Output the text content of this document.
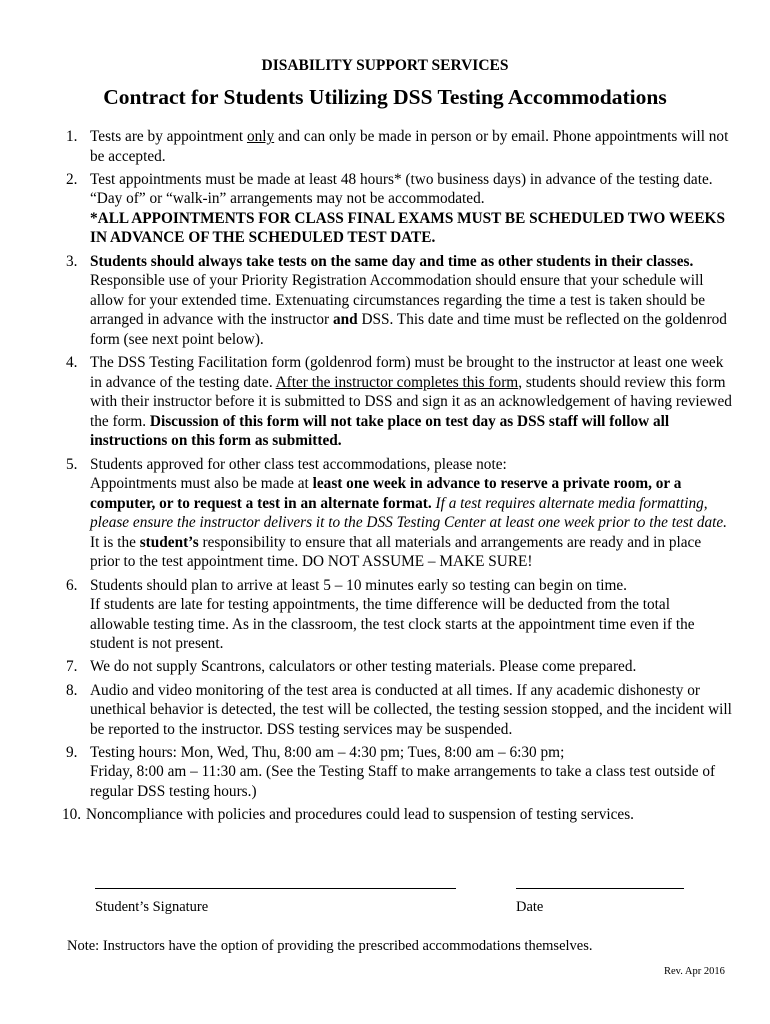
DISABILITY SUPPORT SERVICES
Contract for Students Utilizing DSS Testing Accommodations
1. Tests are by appointment only and can only be made in person or by email. Phone appointments will not be accepted.
2. Test appointments must be made at least 48 hours* (two business days) in advance of the testing date. “Day of” or “walk-in” arrangements may not be accommodated.
*ALL APPOINTMENTS FOR CLASS FINAL EXAMS MUST BE SCHEDULED TWO WEEKS IN ADVANCE OF THE SCHEDULED TEST DATE.
3. Students should always take tests on the same day and time as other students in their classes. Responsible use of your Priority Registration Accommodation should ensure that your schedule will allow for your extended time. Extenuating circumstances regarding the time a test is taken should be arranged in advance with the instructor and DSS. This date and time must be reflected on the goldenrod form (see next point below).
4. The DSS Testing Facilitation form (goldenrod form) must be brought to the instructor at least one week in advance of the testing date. After the instructor completes this form, students should review this form with their instructor before it is submitted to DSS and sign it as an acknowledgement of having reviewed the form. Discussion of this form will not take place on test day as DSS staff will follow all instructions on this form as submitted.
5. Students approved for other class test accommodations, please note:
Appointments must also be made at least one week in advance to reserve a private room, or a computer, or to request a test in an alternate format. If a test requires alternate media formatting, please ensure the instructor delivers it to the DSS Testing Center at least one week prior to the test date. It is the student’s responsibility to ensure that all materials and arrangements are ready and in place prior to the test appointment time. DO NOT ASSUME – MAKE SURE!
6. Students should plan to arrive at least 5 – 10 minutes early so testing can begin on time.
If students are late for testing appointments, the time difference will be deducted from the total allowable testing time. As in the classroom, the test clock starts at the appointment time even if the student is not present.
7. We do not supply Scantrons, calculators or other testing materials. Please come prepared.
8. Audio and video monitoring of the test area is conducted at all times. If any academic dishonesty or unethical behavior is detected, the test will be collected, the testing session stopped, and the incident will be reported to the instructor. DSS testing services may be suspended.
9. Testing hours: Mon, Wed, Thu, 8:00 am – 4:30 pm; Tues, 8:00 am – 6:30 pm;
Friday, 8:00 am – 11:30 am. (See the Testing Staff to make arrangements to take a class test outside of regular DSS testing hours.)
10. Noncompliance with policies and procedures could lead to suspension of testing services.
Student’s Signature	Date
Note: Instructors have the option of providing the prescribed accommodations themselves.
Rev. Apr 2016
